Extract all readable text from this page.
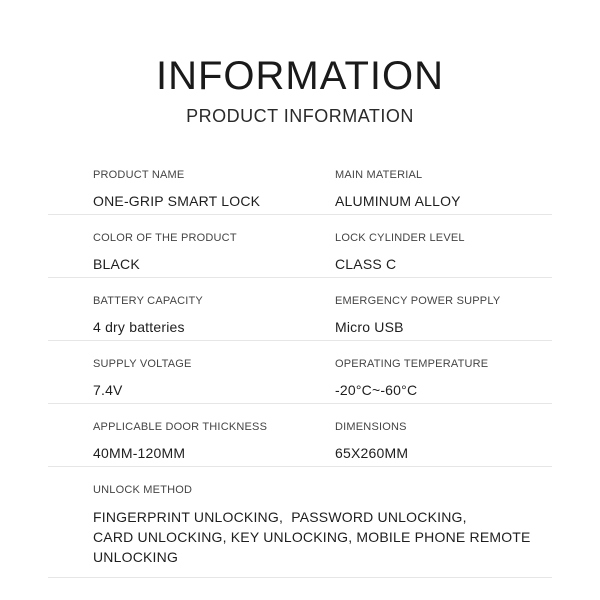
INFORMATION
PRODUCT INFORMATION
PRODUCT NAME
ONE-GRIP SMART LOCK
MAIN MATERIAL
ALUMINUM ALLOY
COLOR OF THE PRODUCT
BLACK
LOCK CYLINDER LEVEL
CLASS C
BATTERY CAPACITY
4 dry batteries
EMERGENCY POWER SUPPLY
Micro USB
SUPPLY VOLTAGE
7.4V
OPERATING TEMPERATURE
-20°C~-60°C
APPLICABLE DOOR THICKNESS
40MM-120MM
DIMENSIONS
65X260MM
UNLOCK METHOD
FINGERPRINT UNLOCKING,  PASSWORD UNLOCKING,
CARD UNLOCKING, KEY UNLOCKING, MOBILE PHONE REMOTE UNLOCKING
